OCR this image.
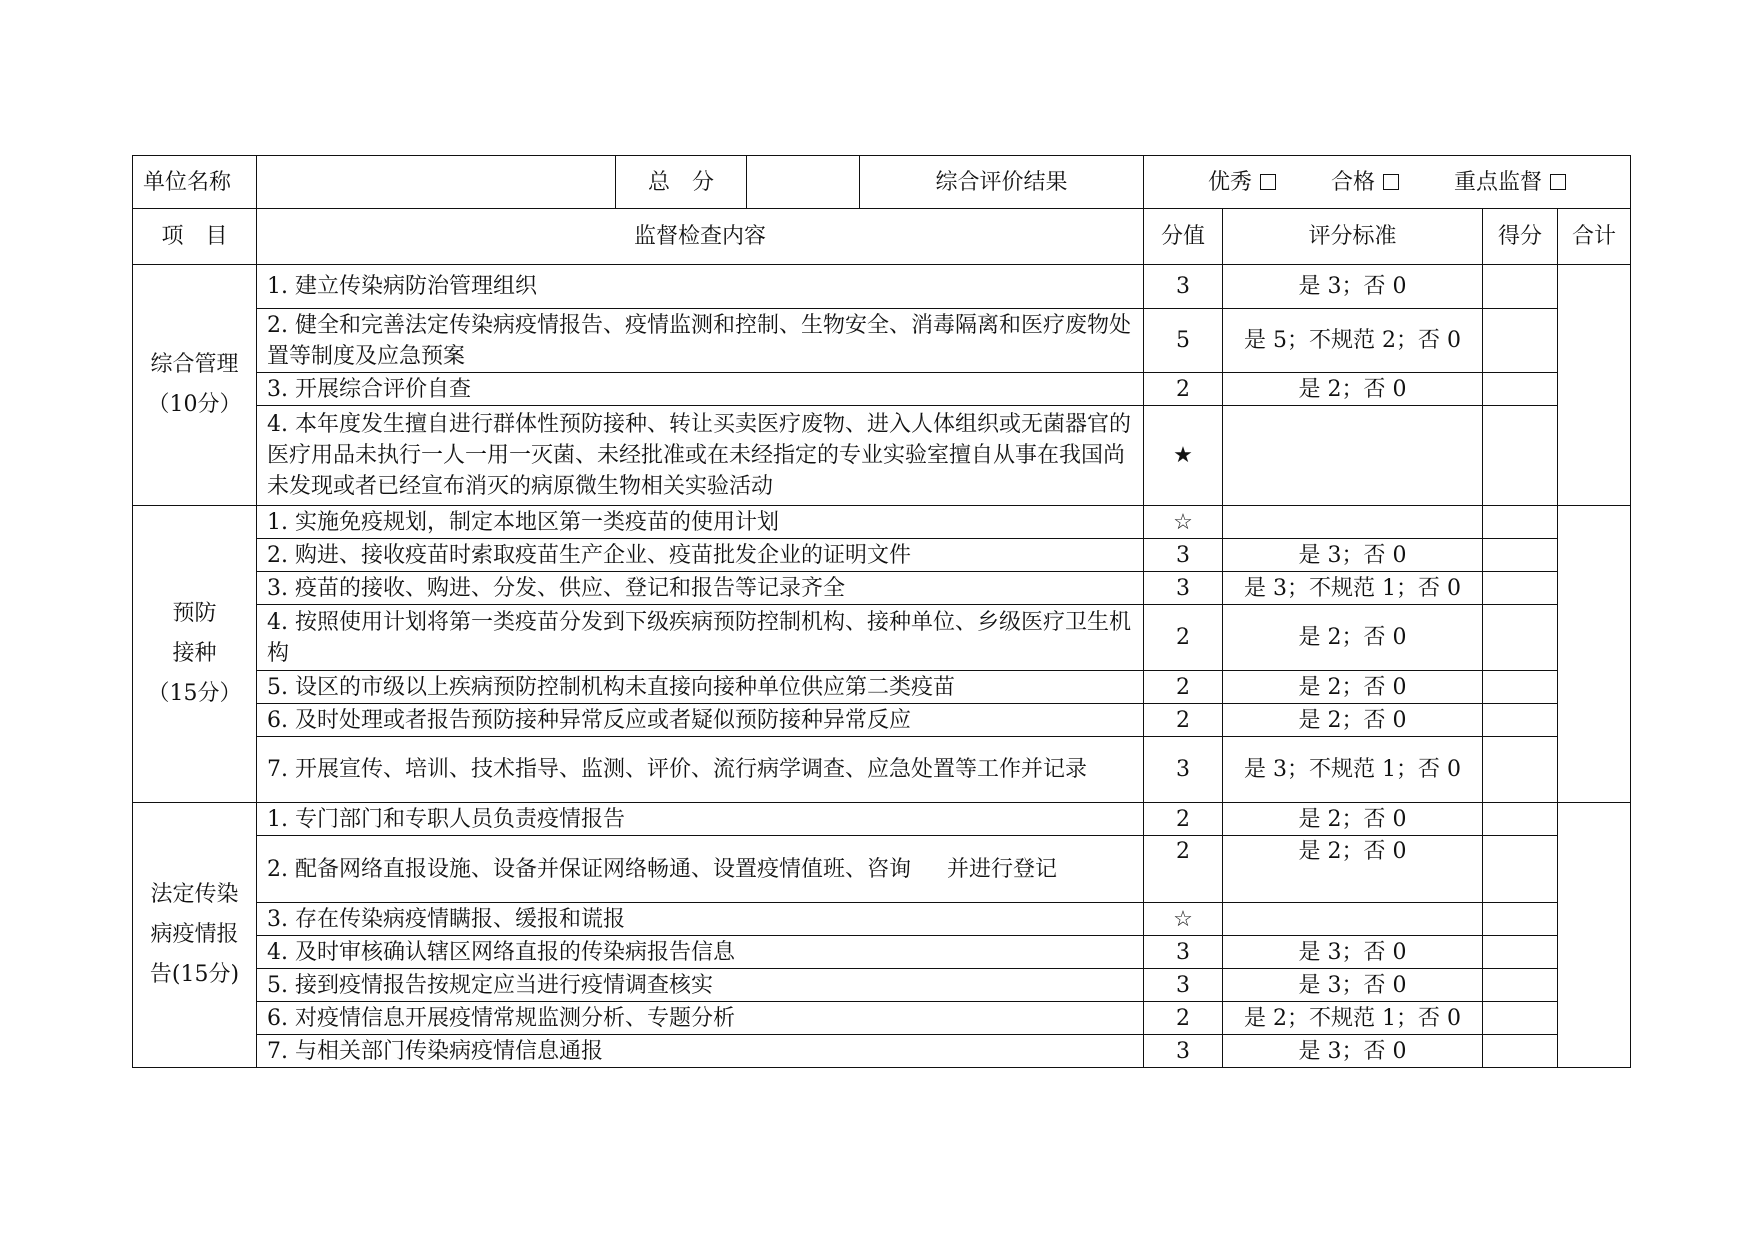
单位名称		总　分		综合评价结果	优秀 合格 重点监督			
项　目	监督检查内容				分值	评分标准	得分	合计
综合管理
（10分）	1. 建立传染病防治管理组织				3	是 3；否 0		
	2. 健全和完善法定传染病疫情报告、疫情监测和控制、生物安全、消毒隔离和医疗废物处置等制度及应急预案				5	是 5；不规范 2；否 0		
	3. 开展综合评价自查				2	是 2；否 0		
	4. 本年度发生擅自进行群体性预防接种、转让买卖医疗废物、进入人体组织或无菌器官的医疗用品未执行一人一用一灭菌、未经批准或在未经指定的专业实验室擅自从事在我国尚未发现或者已经宣布消灭的病原微生物相关实验活动				★			
预防
接种
（15分）	1. 实施免疫规划，制定本地区第一类疫苗的使用计划				☆			
	2. 购进、接收疫苗时索取疫苗生产企业、疫苗批发企业的证明文件				3	是 3；否 0		
	3. 疫苗的接收、购进、分发、供应、登记和报告等记录齐全				3	是 3；不规范 1；否 0		
	4. 按照使用计划将第一类疫苗分发到下级疾病预防控制机构、接种单位、乡级医疗卫生机构				2	是 2；否 0		
	5. 设区的市级以上疾病预防控制机构未直接向接种单位供应第二类疫苗				2	是 2；否 0		
	6. 及时处理或者报告预防接种异常反应或者疑似预防接种异常反应				2	是 2；否 0		
	7. 开展宣传、培训、技术指导、监测、评价、流行病学调查、应急处置等工作并记录				3	是 3；不规范 1；否 0		
法定传染
病疫情报
告(15分)	1. 专门部门和专职人员负责疫情报告				2	是 2；否 0		
	2. 配备网络直报设施、设备并保证网络畅通、设置疫情值班、咨询 并进行登记				2	是 2；否 0		
	3. 存在传染病疫情瞒报、缓报和谎报				☆			
	4. 及时审核确认辖区网络直报的传染病报告信息				3	是 3；否 0		
	5. 接到疫情报告按规定应当进行疫情调查核实				3	是 3；否 0		
	6. 对疫情信息开展疫情常规监测分析、专题分析				2	是 2；不规范 1；否 0		
	7. 与相关部门传染病疫情信息通报				3	是 3；否 0		
